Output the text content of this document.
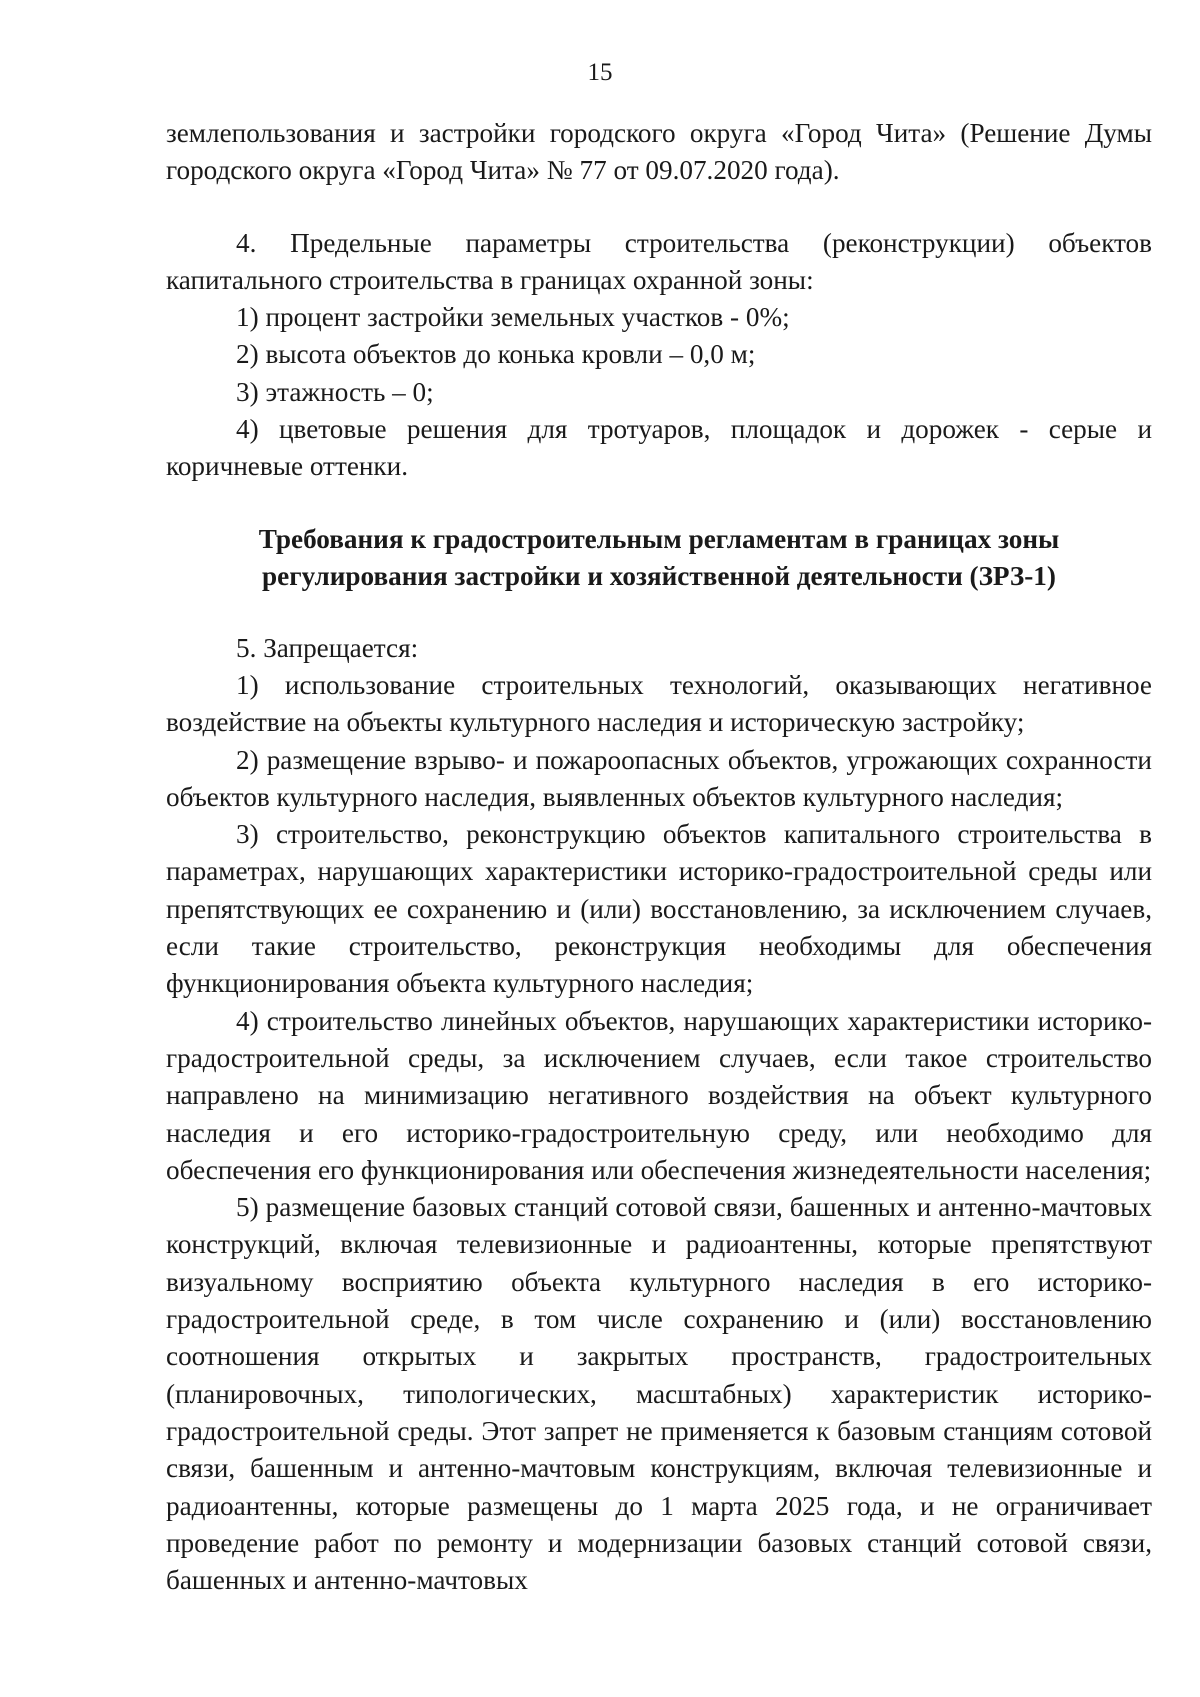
15

землепользования и застройки городского округа «Город Чита» (Решение Думы городского округа «Город Чита» № 77 от 09.07.2020 года).

4. Предельные параметры строительства (реконструкции) объектов капитального строительства в границах охранной зоны:

1) процент застройки земельных участков - 0%;

2) высота объектов до конька кровли – 0,0 м;

3) этажность – 0;

4) цветовые решения для тротуаров, площадок и дорожек - серые и коричневые оттенки.

Требования к градостроительным регламентам в границах зоны

регулирования застройки и хозяйственной деятельности (ЗРЗ-1)

5. Запрещается:

1) использование строительных технологий, оказывающих негативное воздействие на объекты культурного наследия и историческую застройку;

2) размещение взрыво- и пожароопасных объектов, угрожающих сохранности объектов культурного наследия, выявленных объектов культурного наследия;

3) строительство, реконструкцию объектов капитального строительства в параметрах, нарушающих характеристики историко-градостроительной среды или препятствующих ее сохранению и (или) восстановлению, за исключением случаев, если такие строительство, реконструкция необходимы для обеспечения функционирования объекта культурного наследия;

4) строительство линейных объектов, нарушающих характеристики историко-градостроительной среды, за исключением случаев, если такое строительство направлено на минимизацию негативного воздействия на объект культурного наследия и его историко-градостроительную среду, или необходимо для обеспечения его функционирования или обеспечения жизнедеятельности населения;

5) размещение базовых станций сотовой связи, башенных и антенно-мачтовых конструкций, включая телевизионные и радиоантенны, которые препятствуют визуальному восприятию объекта культурного наследия в его историко-градостроительной среде, в том числе сохранению и (или) восстановлению соотношения открытых и закрытых пространств, градостроительных (планировочных, типологических, масштабных) характеристик историко-градостроительной среды. Этот запрет не применяется к базовым станциям сотовой связи, башенным и антенно-мачтовым конструкциям, включая телевизионные и радиоантенны, которые размещены до 1 марта 2025 года, и не ограничивает проведение работ по ремонту и модернизации базовых станций сотовой связи, башенных и антенно-мачтовых
